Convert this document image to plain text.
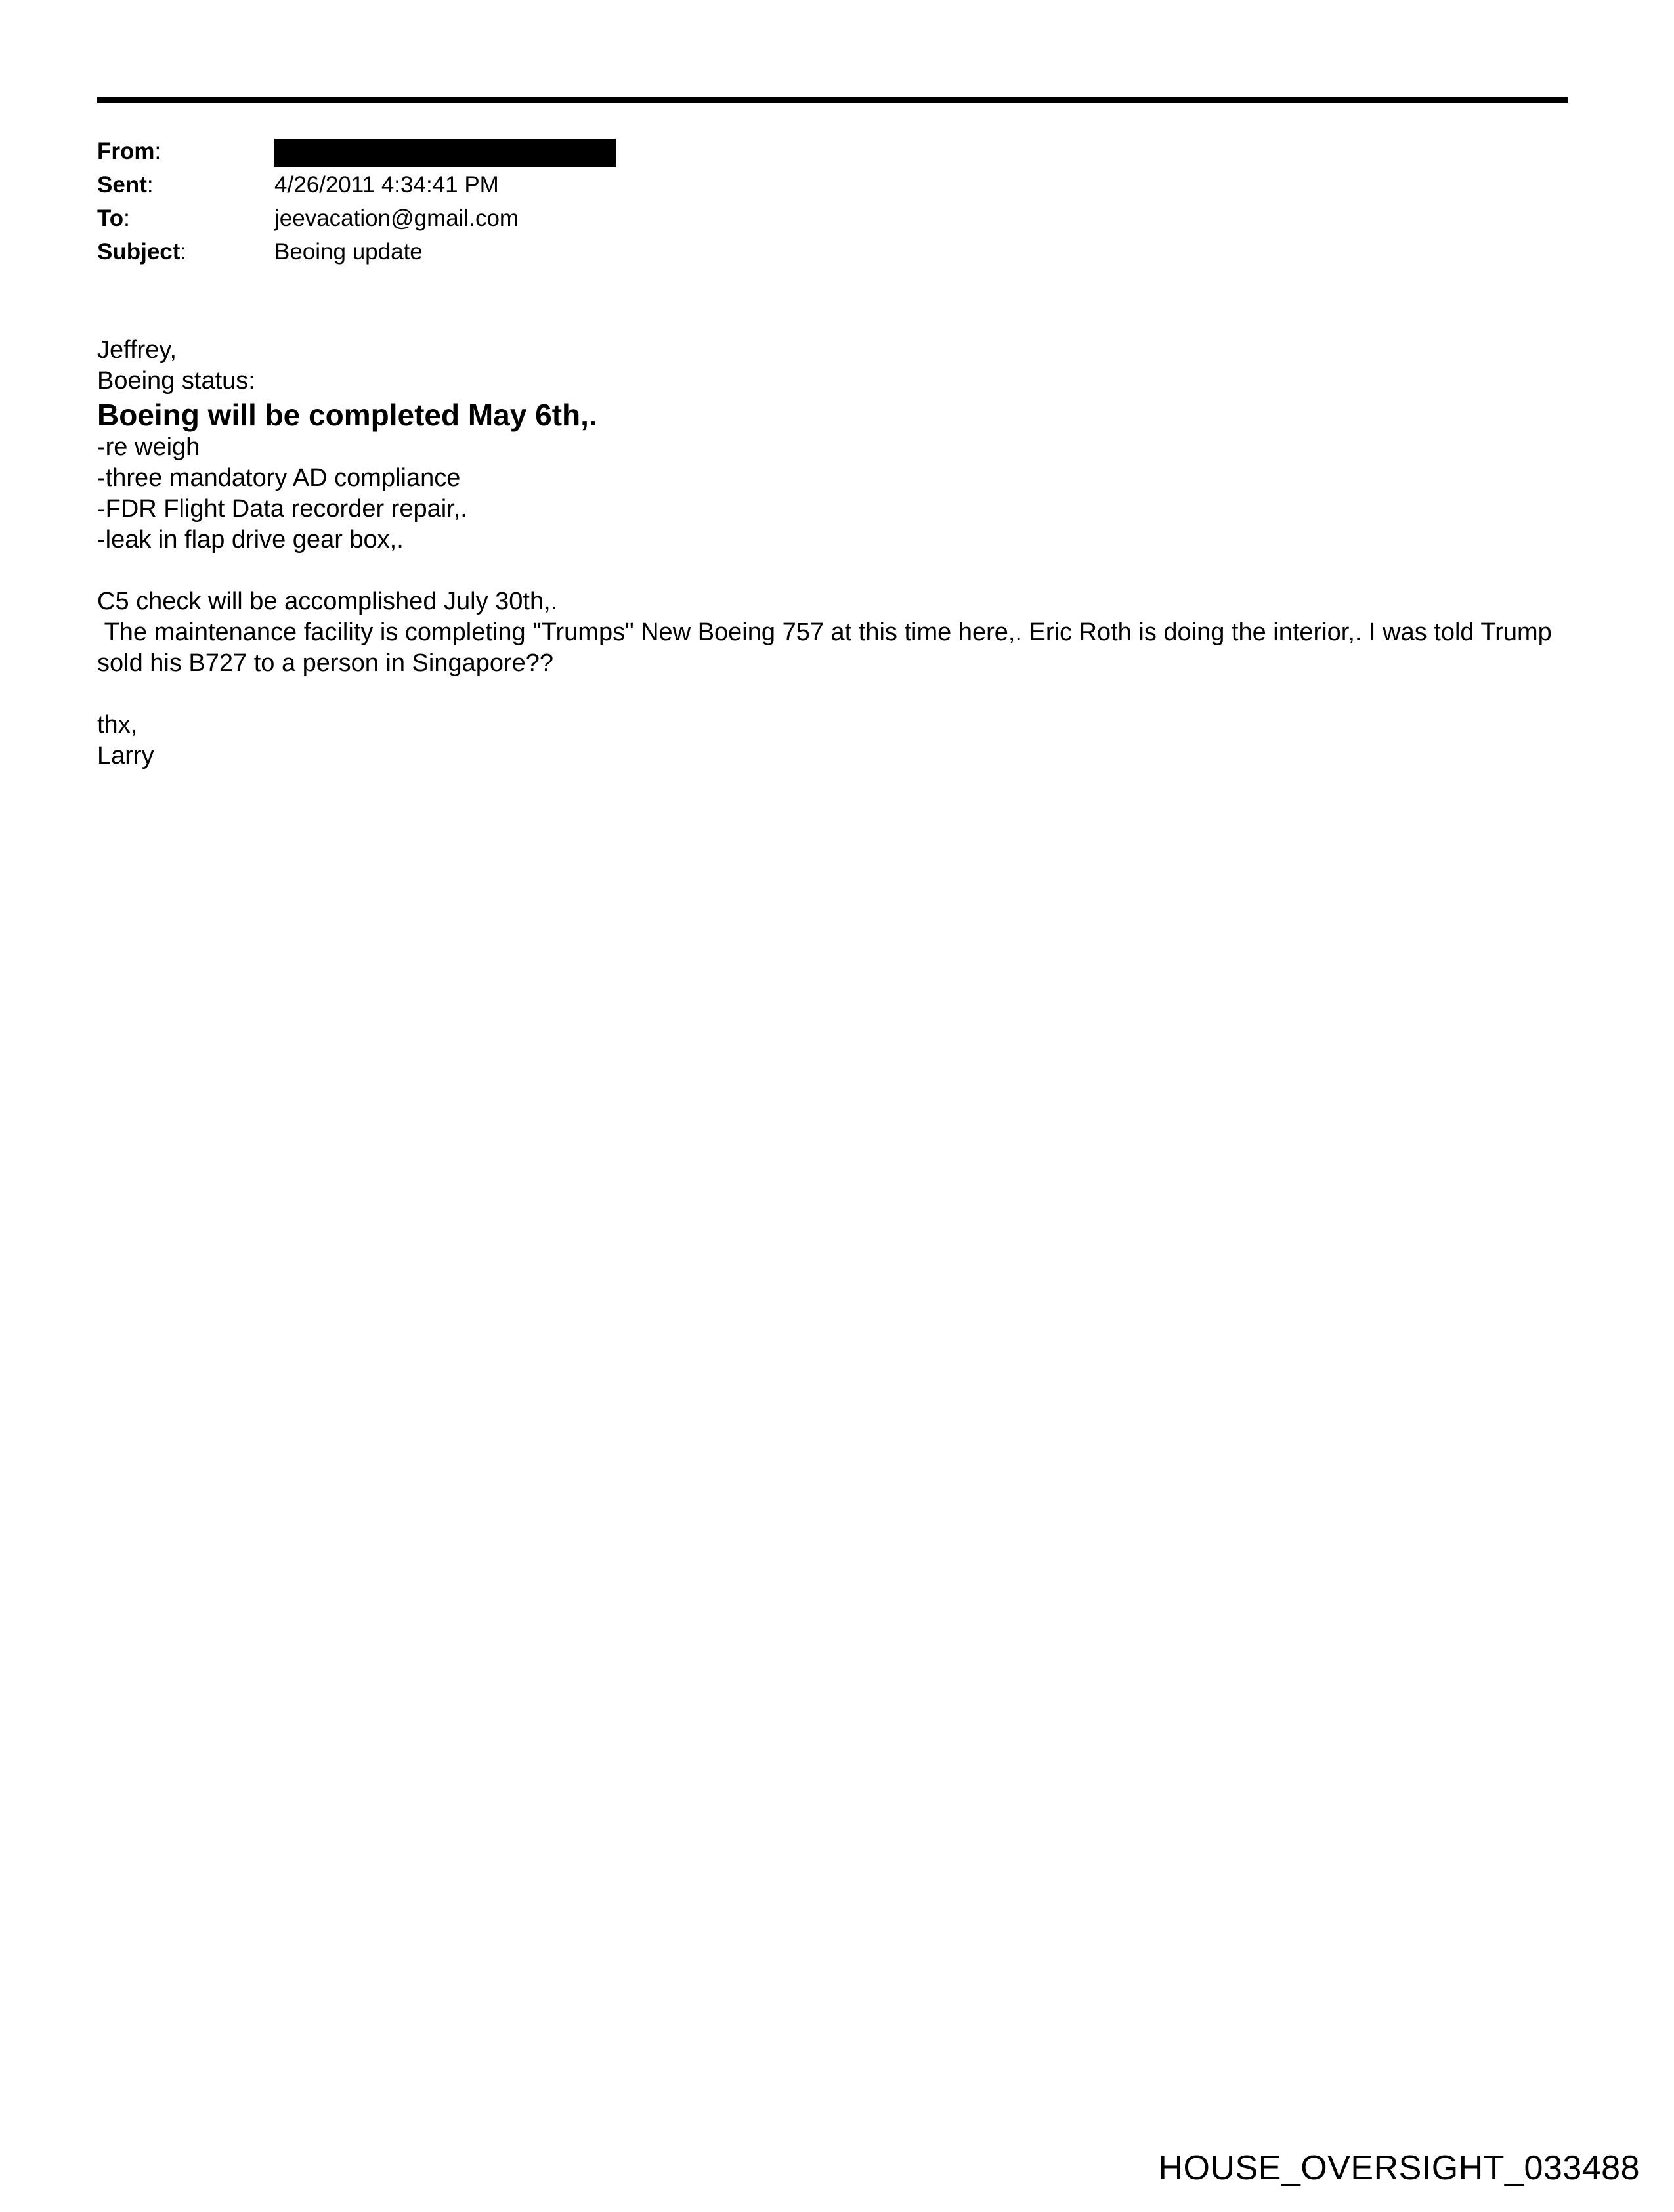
From:
Sent:	4/26/2011 4:34:41 PM
To:	jeevacation@gmail.com
Subject:	Beoing update

Jeffrey,

Boeing status:

Boeing will be completed May 6th,.

-re weigh

-three mandatory AD compliance

-FDR Flight Data recorder repair,.

-leak in flap drive gear box,.

C5 check will be accomplished July 30th,.

The maintenance facility is completing "Trumps" New Boeing 757 at this time here,. Eric Roth is doing the interior,. I was told Trump sold his B727 to a person in Singapore??

thx,

Larry

HOUSE_OVERSIGHT_033488
